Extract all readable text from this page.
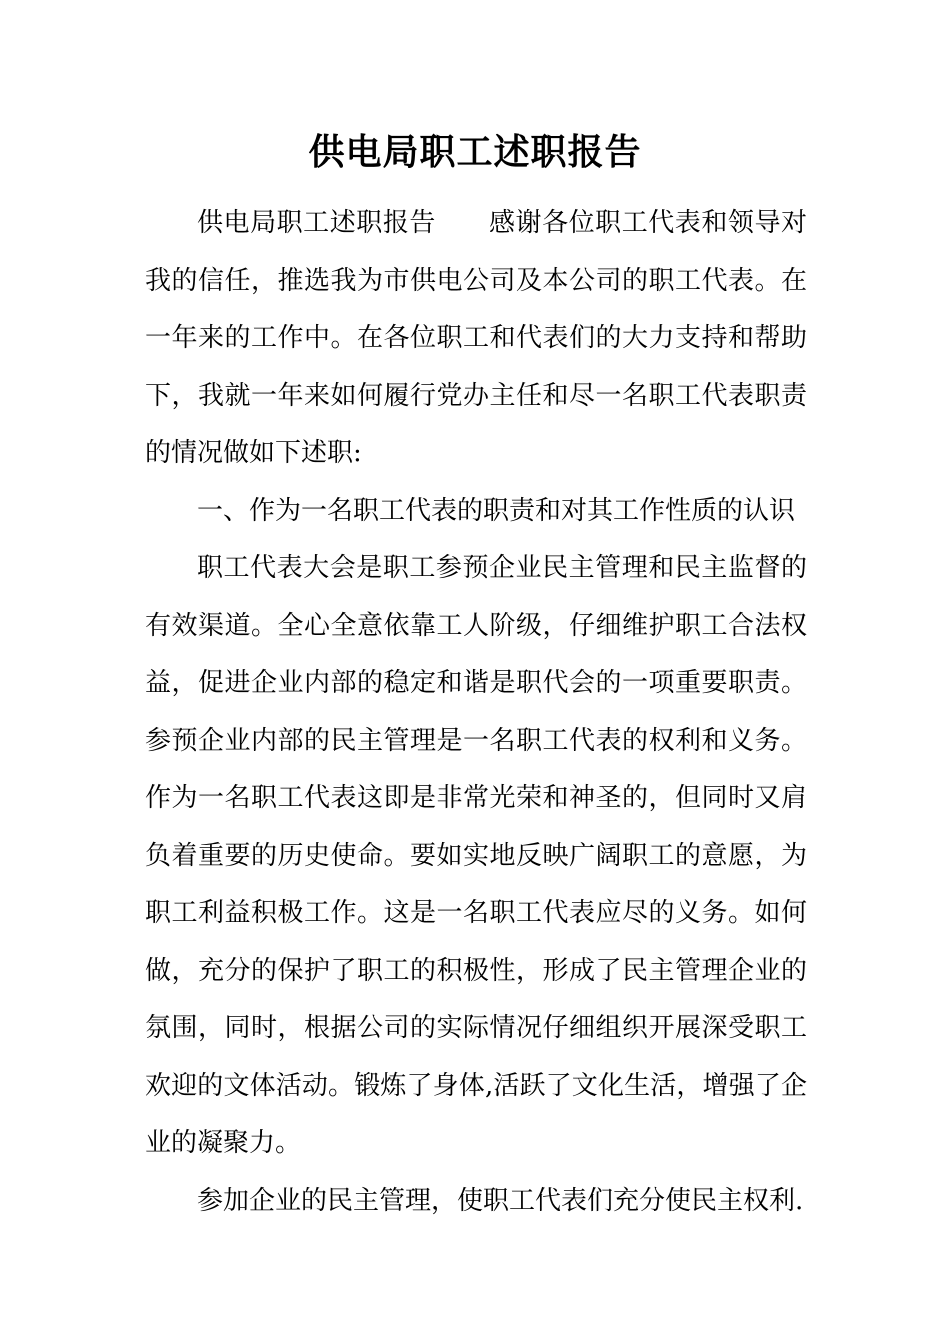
供电局职工述职报告

供电局职工述职报告　　感谢各位职工代表和领导对我的信任，推选我为市供电公司及本公司的职工代表。在一年来的工作中。在各位职工和代表们的大力支持和帮助下，我就一年来如何履行党办主任和尽一名职工代表职责的情况做如下述职:

一、作为一名职工代表的职责和对其工作性质的认识

职工代表大会是职工参预企业民主管理和民主监督的有效渠道。全心全意依靠工人阶级，仔细维护职工合法权益，促进企业内部的稳定和谐是职代会的一项重要职责。参预企业内部的民主管理是一名职工代表的权利和义务。作为一名职工代表这即是非常光荣和神圣的，但同时又肩负着重要的历史使命。要如实地反映广阔职工的意愿，为职工利益积极工作。这是一名职工代表应尽的义务。如何做，充分的保护了职工的积极性，形成了民主管理企业的氛围，同时，根据公司的实际情况仔细组织开展深受职工欢迎的文体活动。锻炼了身体,活跃了文化生活，增强了企业的凝聚力。

参加企业的民主管理，使职工代表们充分使民主权利.
